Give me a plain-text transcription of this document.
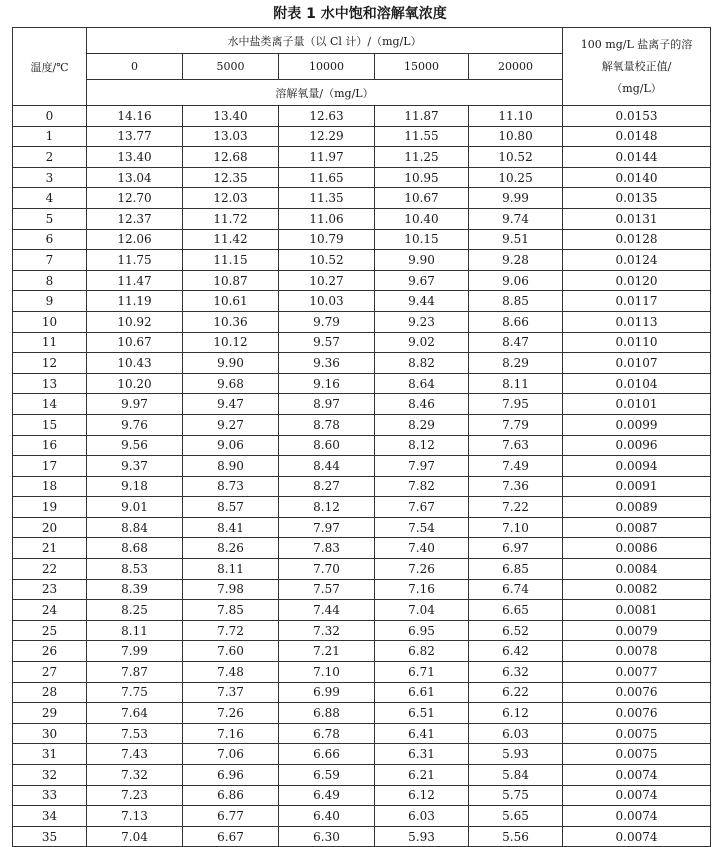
附表 1 水中饱和溶解氧浓度
温度/℃	水中盐类离子量（以 Cl 计）/（mg/L）					100 mg/L 盐离子的溶
解氧量校正值/
（mg/L）

	0	5000	10000	15000	20000	
	溶解氧量/（mg/L）					
0	14.16	13.40	12.63	11.87	11.10	0.0153
1	13.77	13.03	12.29	11.55	10.80	0.0148
2	13.40	12.68	11.97	11.25	10.52	0.0144
3	13.04	12.35	11.65	10.95	10.25	0.0140
4	12.70	12.03	11.35	10.67	9.99	0.0135
5	12.37	11.72	11.06	10.40	9.74	0.0131
6	12.06	11.42	10.79	10.15	9.51	0.0128
7	11.75	11.15	10.52	9.90	9.28	0.0124
8	11.47	10.87	10.27	9.67	9.06	0.0120
9	11.19	10.61	10.03	9.44	8.85	0.0117
10	10.92	10.36	9.79	9.23	8.66	0.0113
11	10.67	10.12	9.57	9.02	8.47	0.0110
12	10.43	9.90	9.36	8.82	8.29	0.0107
13	10.20	9.68	9.16	8.64	8.11	0.0104
14	9.97	9.47	8.97	8.46	7.95	0.0101
15	9.76	9.27	8.78	8.29	7.79	0.0099
16	9.56	9.06	8.60	8.12	7.63	0.0096
17	9.37	8.90	8.44	7.97	7.49	0.0094
18	9.18	8.73	8.27	7.82	7.36	0.0091
19	9.01	8.57	8.12	7.67	7.22	0.0089
20	8.84	8.41	7.97	7.54	7.10	0.0087
21	8.68	8.26	7.83	7.40	6.97	0.0086
22	8.53	8.11	7.70	7.26	6.85	0.0084
23	8.39	7.98	7.57	7.16	6.74	0.0082
24	8.25	7.85	7.44	7.04	6.65	0.0081
25	8.11	7.72	7.32	6.95	6.52	0.0079
26	7.99	7.60	7.21	6.82	6.42	0.0078
27	7.87	7.48	7.10	6.71	6.32	0.0077
28	7.75	7.37	6.99	6.61	6.22	0.0076
29	7.64	7.26	6.88	6.51	6.12	0.0076
30	7.53	7.16	6.78	6.41	6.03	0.0075
31	7.43	7.06	6.66	6.31	5.93	0.0075
32	7.32	6.96	6.59	6.21	5.84	0.0074
33	7.23	6.86	6.49	6.12	5.75	0.0074
34	7.13	6.77	6.40	6.03	5.65	0.0074
35	7.04	6.67	6.30	5.93	5.56	0.0074
